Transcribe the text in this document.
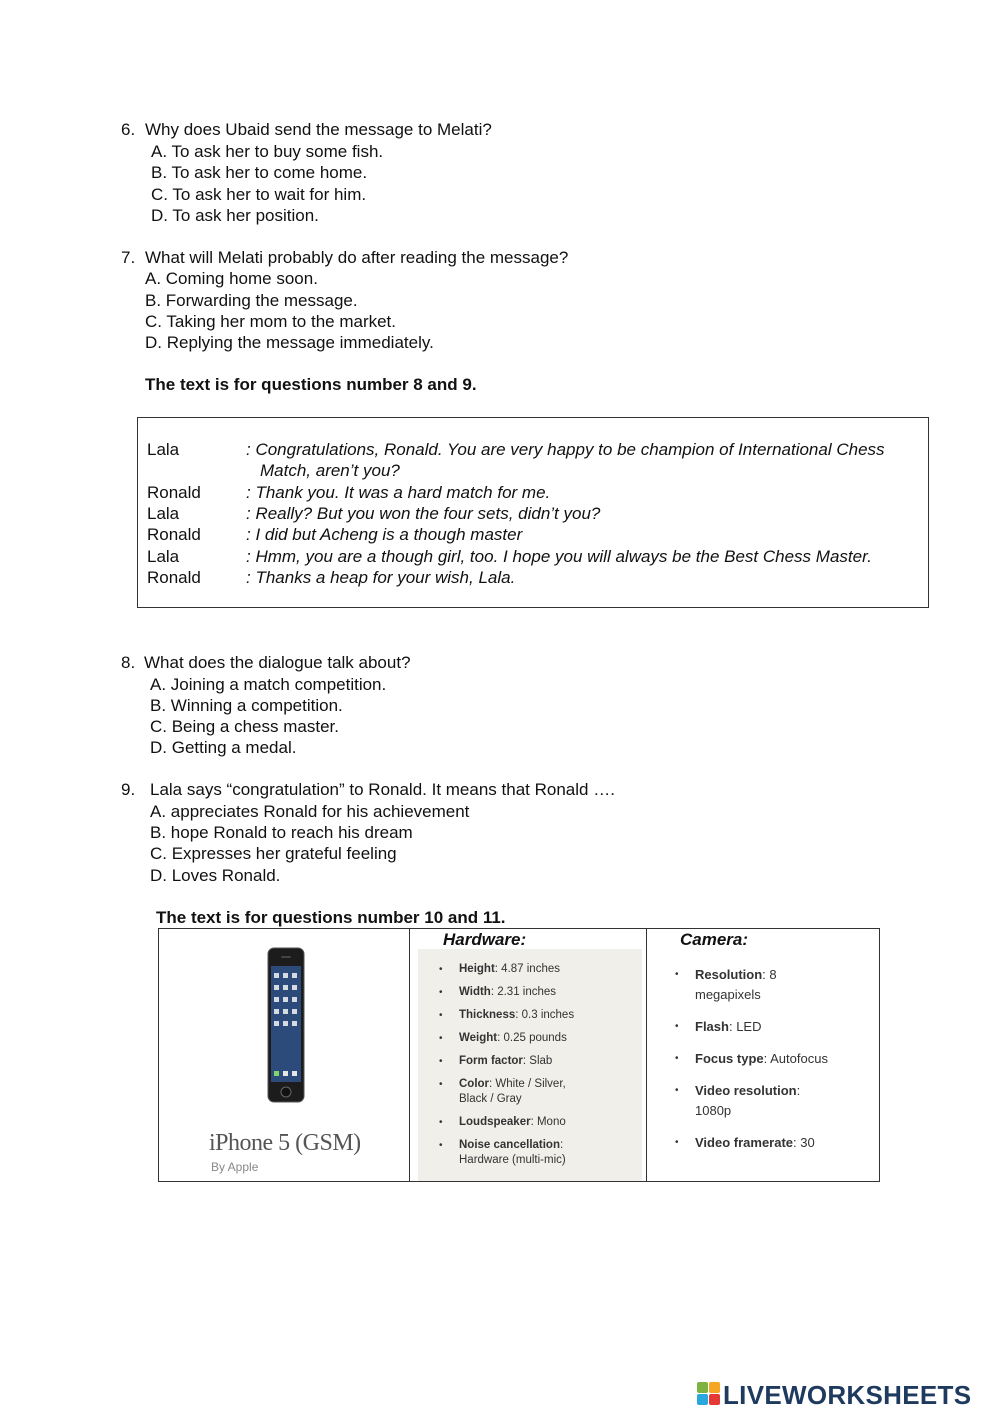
6. Why does Ubaid send the message to Melati?
A. To ask her to buy some fish.
B. To ask her to come home.
C. To ask her to wait for him.
D. To ask her position.
7. What will Melati probably do after reading the message?
A. Coming home soon.
B. Forwarding the message.
C. Taking her mom to the market.
D. Replying the message immediately.
The text is for questions number 8 and 9.
Lala	: Congratulations, Ronald. You are very happy to be champion of International Chess
Match, aren’t you?
Ronald	: Thank you. It was a hard match for me.
Lala	: Really? But you won the four sets, didn’t you?
Ronald	: I did but Acheng is a though master
Lala	: Hmm, you are a though girl, too. I hope you will always be the Best Chess Master.
Ronald	: Thanks a heap for your wish, Lala.
8. What does the dialogue talk about?
A. Joining a match competition.
B. Winning a competition.
C. Being a chess master.
D. Getting a medal.
9. Lala says “congratulation” to Ronald. It means that Ronald ….
A. appreciates Ronald for his achievement
B. hope Ronald to reach his dream
C. Expresses her grateful feeling
D. Loves Ronald.
The text is for questions number 10 and 11.
iPhone 5 (GSM)
By Apple
Hardware:
• Height: 4.87 inches
• Width: 2.31 inches
• Thickness: 0.3 inches
• Weight: 0.25 pounds
• Form factor: Slab
• Color: White / Silver,
Black / Gray
• Loudspeaker: Mono
• Noise cancellation:
Hardware (multi-mic)
Camera:
• Resolution: 8
megapixels
• Flash: LED
• Focus type: Autofocus
• Video resolution:
1080p
• Video framerate: 30
LIVEWORKSHEETS
